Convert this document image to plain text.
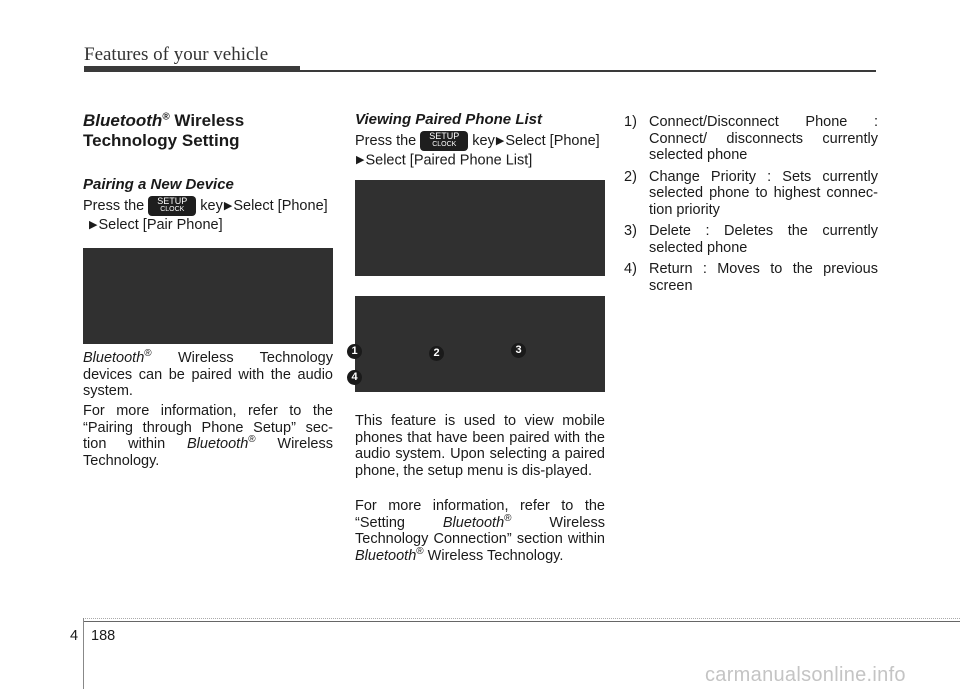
Features of your vehicle
Bluetooth® Wireless
Technology Setting
Pairing a New Device
Press the	SETUP
CLOCK key▶Select [Phone]
▶Select [Pair Phone]

Bluetooth® Wireless Technology devices can be paired with the audio system.

For more information, refer to the “Pairing through Phone Setup” sec-tion within Bluetooth® Wireless Technology.

Viewing Paired Phone List
Press the	SETUP
CLOCK key▶Select [Phone]
▶Select [Paired Phone List]
1	2	3
4

This feature is used to view mobile phones that have been paired with the audio system. Upon selecting a paired phone, the setup menu is dis-played.

For more information, refer to the “Setting Bluetooth® Wireless Technology Connection” section within Bluetooth® Wireless Technology.

1) Connect/Disconnect Phone : Connect/ disconnects currently selected phone
2) Change Priority : Sets currently selected phone to highest connec-tion priority
3) Delete : Deletes the currently selected phone
4) Return : Moves to the previous screen
4 188
carmanualsonline.info
